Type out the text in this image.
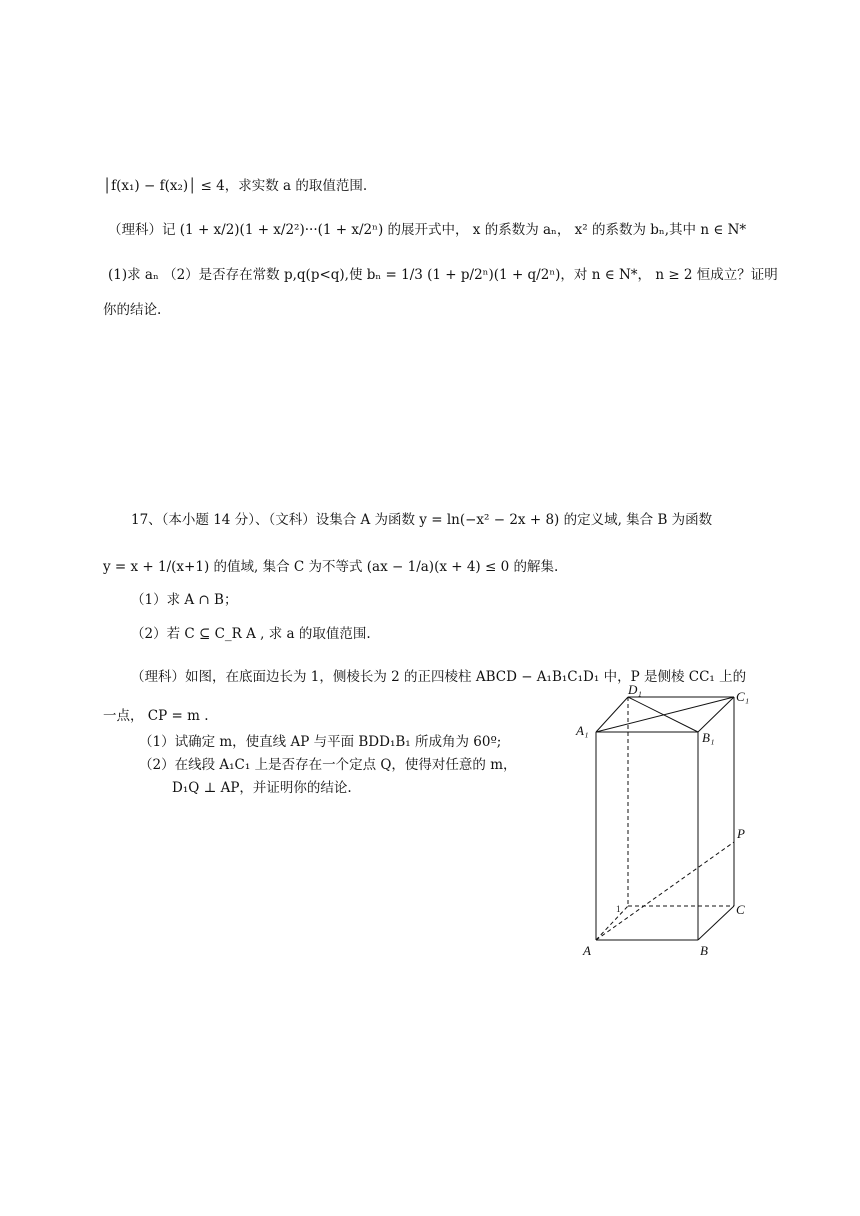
│f(x₁) − f(x₂)│ ≤ 4，求实数 a 的取值范围.
（理科）记 (1 + x/2)(1 + x/2²)···(1 + x/2ⁿ) 的展开式中， x 的系数为 aₙ， x² 的系数为 bₙ,其中 n ∈ N*
(1)求 aₙ （2）是否存在常数 p,q(p<q),使 bₙ = 1/3 (1 + p/2ⁿ)(1 + q/2ⁿ)，对 n ∈ N*， n ≥ 2 恒成立？证明
你的结论.
17、（本小题 14 分）、（文科）设集合 A 为函数 y = ln(−x² − 2x + 8) 的定义域, 集合 B 为函数
y = x + 1/(x+1) 的值域, 集合 C 为不等式 (ax − 1/a)(x + 4) ≤ 0 的解集.
（1）求 A ∩ B；
（2）若 C ⊆ C_R A , 求 a 的取值范围.
（理科）如图，在底面边长为 1，侧棱长为 2 的正四棱柱 ABCD − A₁B₁C₁D₁ 中，P 是侧棱 CC₁ 上的
一点， CP = m .
（1）试确定 m，使直线 AP 与平面 BDD₁B₁ 所成角为 60º;
（2）在线段 A₁C₁ 上是否存在一个定点 Q，使得对任意的 m，
D₁Q ⊥ AP，并证明你的结论.
A₁
D₁
B₁
C₁
P
1	C
A	B
